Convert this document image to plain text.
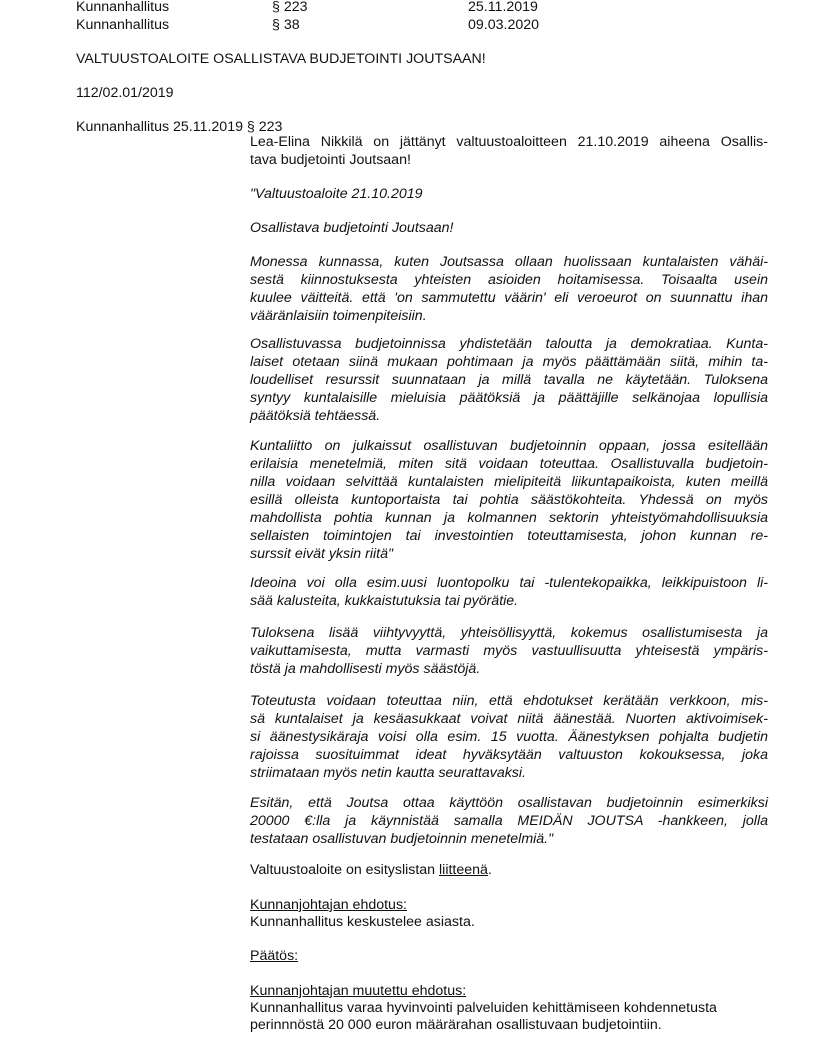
Kunnanhallitus	§ 223	25.11.2019
Kunnanhallitus	§ 38	09.03.2020
VALTUUSTOALOITE OSALLISTAVA BUDJETOINTI JOUTSAAN!
112/02.01/2019
Kunnanhallitus 25.11.2019 § 223

Lea-Elina Nikkilä on jättänyt valtuustoaloitteen 21.10.2019 aiheena Osallis-
tava budjetointi Joutsaan!

"Valtuustoaloite 21.10.2019
Osallistava budjetointi Joutsaan!

Monessa kunnassa, kuten Joutsassa ollaan huolissaan kuntalaisten vähäi-
sestä kiinnostuksesta yhteisten asioiden hoitamisessa. Toisaalta usein
kuulee väitteitä. että 'on sammutettu väärin' eli veroeurot on suunnattu ihan
vääränlaisiin toimenpiteisiin.

Osallistuvassa budjetoinnissa yhdistetään taloutta ja demokratiaa. Kunta-
laiset otetaan siinä mukaan pohtimaan ja myös päättämään siitä, mihin ta-
loudelliset resurssit suunnataan ja millä tavalla ne käytetään. Tuloksena
syntyy kuntalaisille mieluisia päätöksiä ja päättäjille selkänojaa lopullisia
päätöksiä tehtäessä.

Kuntaliitto on julkaissut osallistuvan budjetoinnin oppaan, jossa esitellään
erilaisia menetelmiä, miten sitä voidaan toteuttaa. Osallistuvalla budjetoin-
nilla voidaan selvittää kuntalaisten mielipiteitä liikuntapaikoista, kuten meillä
esillä olleista kuntoportaista tai pohtia säästökohteita. Yhdessä on myös
mahdollista pohtia kunnan ja kolmannen sektorin yhteistyömahdollisuuksia
sellaisten toimintojen tai investointien toteuttamisesta, johon kunnan re-
surssit eivät yksin riitä"

Ideoina voi olla esim.uusi luontopolku tai -tulentekopaikka, leikkipuistoon li-
sää kalusteita, kukkaistutuksia tai pyörätie.

Tuloksena lisää viihtyvyyttä, yhteisöllisyyttä, kokemus osallistumisesta ja
vaikuttamisesta, mutta varmasti myös vastuullisuutta yhteisestä ympäris-
töstä ja mahdollisesti myös säästöjä.

Toteutusta voidaan toteuttaa niin, että ehdotukset kerätään verkkoon, mis-
sä kuntalaiset ja kesäasukkaat voivat niitä äänestää. Nuorten aktivoimisek-
si äänestysikäraja voisi olla esim. 15 vuotta. Äänestyksen pohjalta budjetin
rajoissa suosituimmat ideat hyväksytään valtuuston kokouksessa, joka
striimataan myös netin kautta seurattavaksi.

Esitän, että Joutsa ottaa käyttöön osallistavan budjetoinnin esimerkiksi
20000 €:lla ja käynnistää samalla MEIDÄN JOUTSA -hankkeen, jolla
testataan osallistuvan budjetoinnin menetelmiä."

Valtuustoaloite on esityslistan liitteenä.
Kunnanjohtajan ehdotus:
Kunnanhallitus keskustelee asiasta.
Päätös:
Kunnanjohtajan muutettu ehdotus:
Kunnanhallitus varaa hyvinvointi palveluiden kehittämiseen kohdennetusta
perinnnöstä 20 000 euron määrärahan osallistuvaan budjetointiin.
